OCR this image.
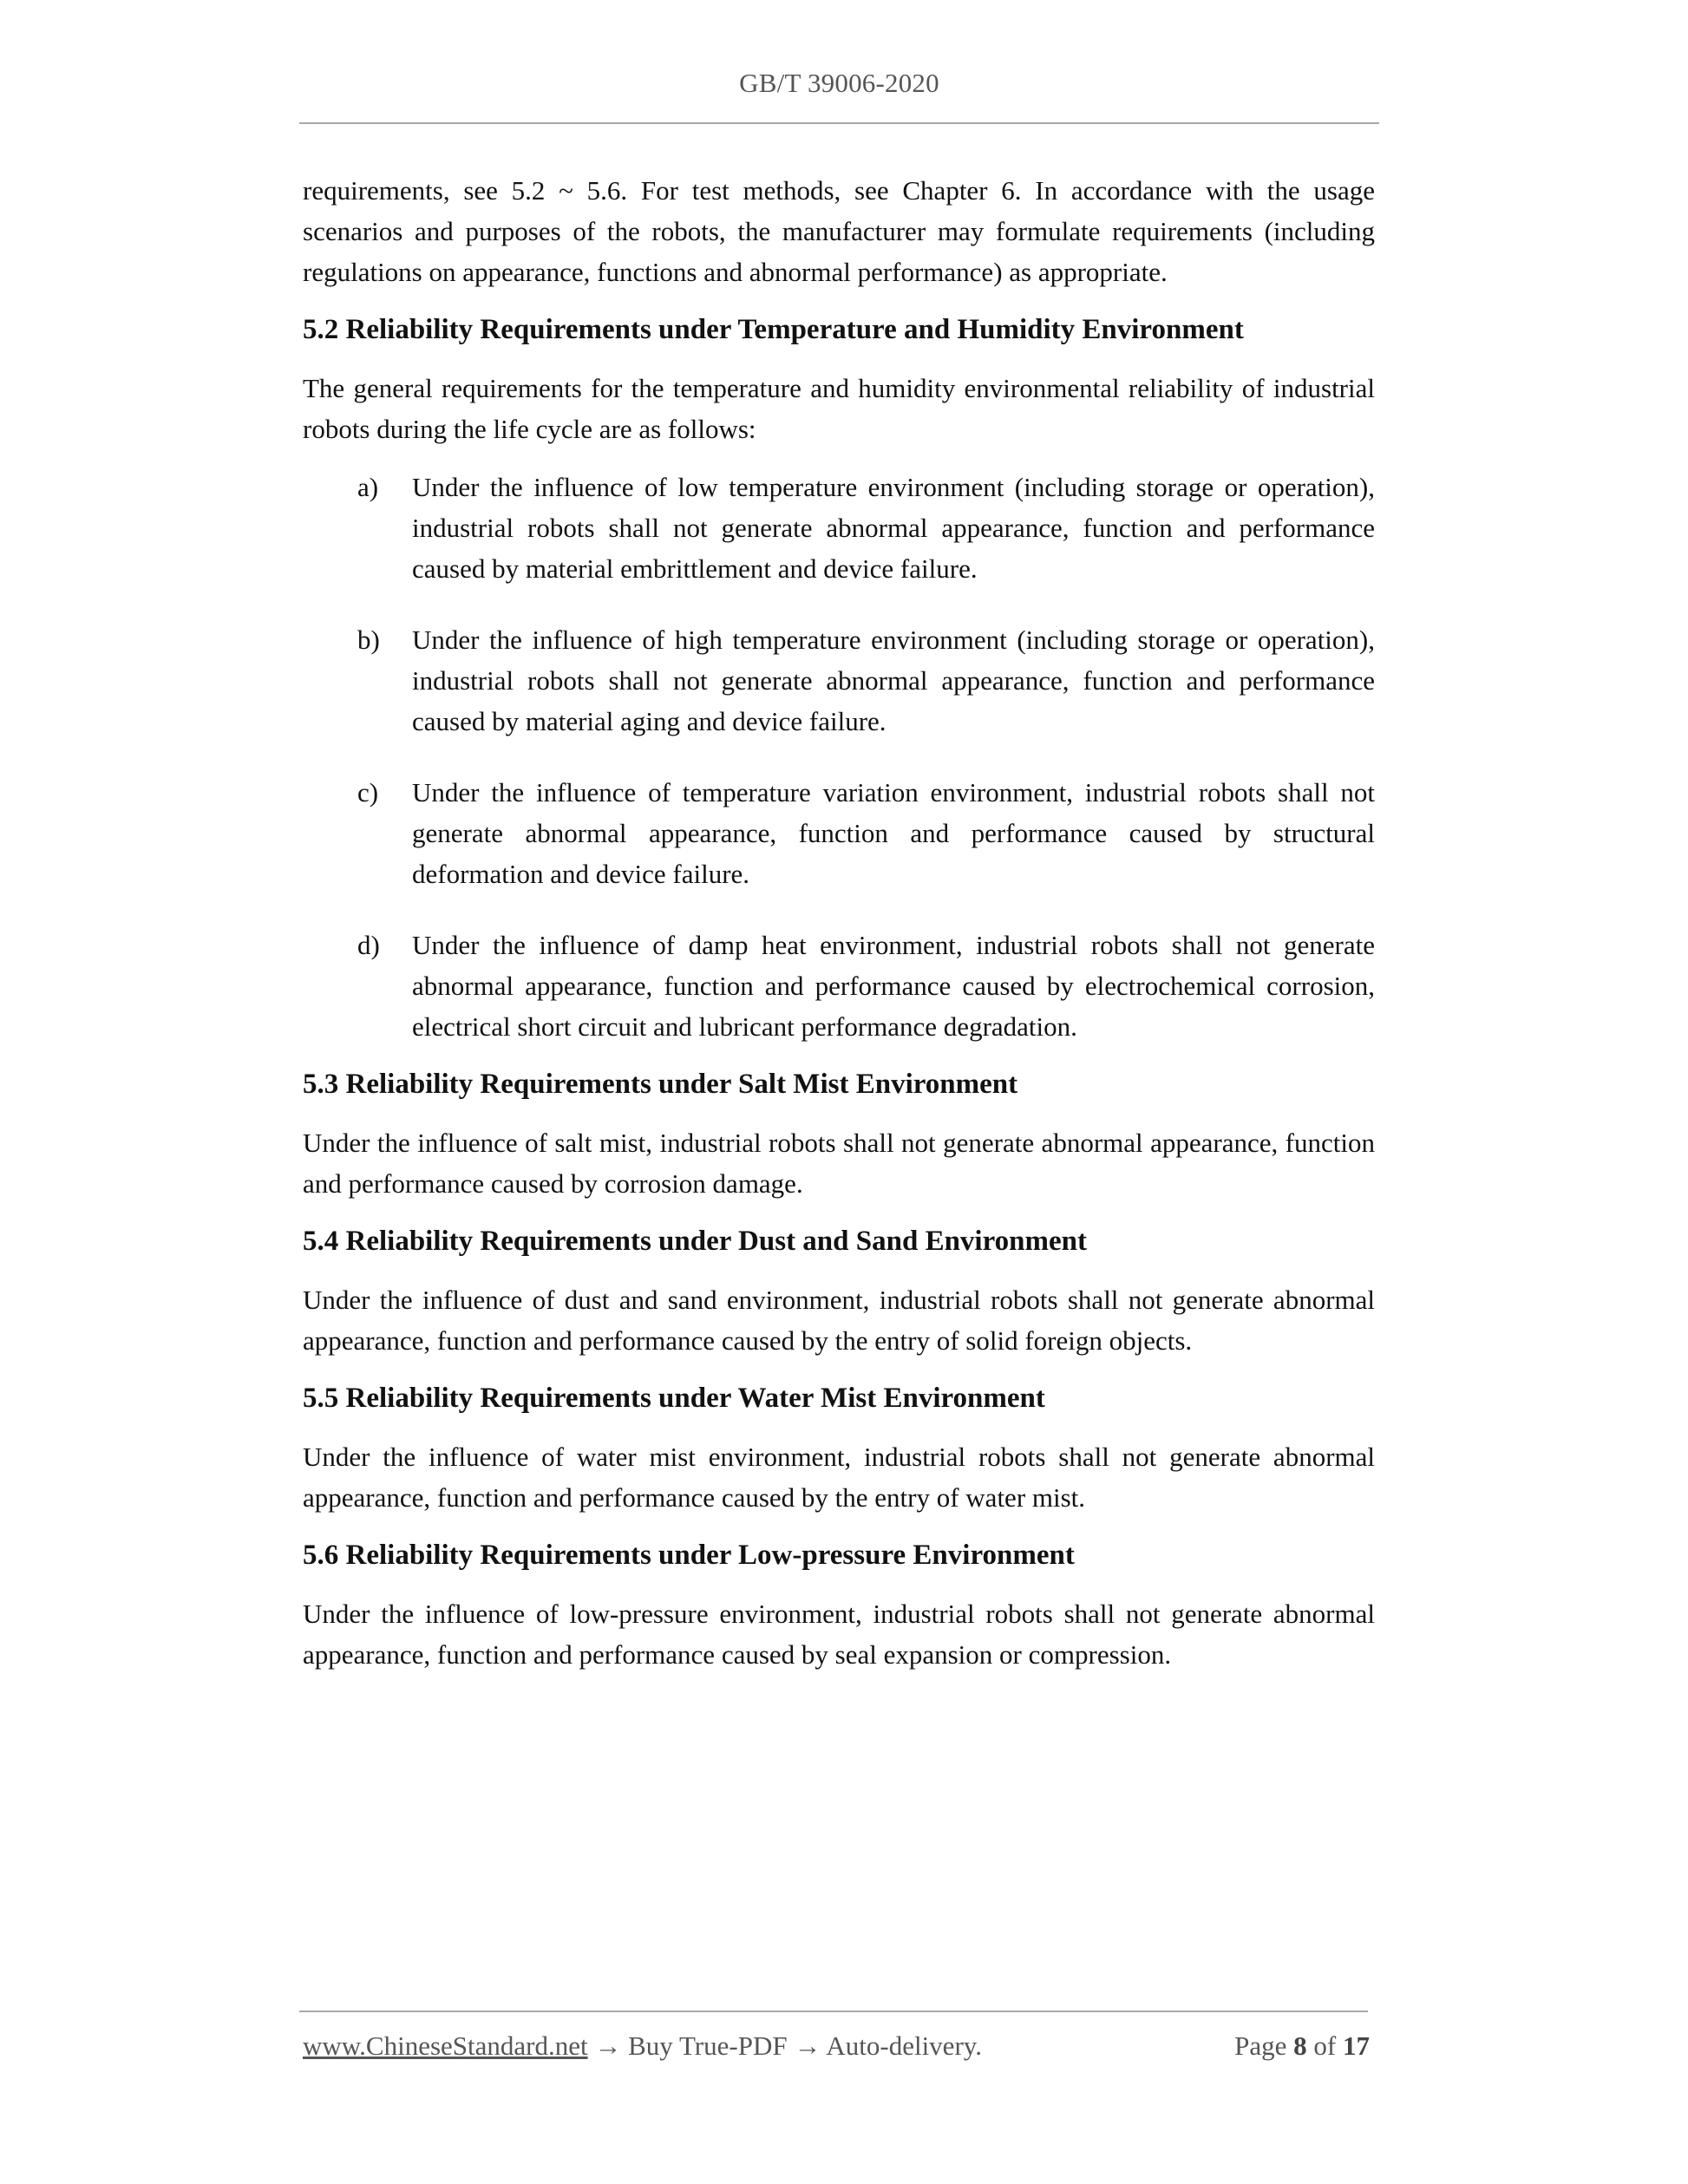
GB/T 39006-2020

requirements, see 5.2 ~ 5.6. For test methods, see Chapter 6. In accordance with the usage scenarios and purposes of the robots, the manufacturer may formulate requirements (including regulations on appearance, functions and abnormal performance) as appropriate.

5.2 Reliability Requirements under Temperature and Humidity Environment

The general requirements for the temperature and humidity environmental reliability of industrial robots during the life cycle are as follows:

a) Under the influence of low temperature environment (including storage or operation), industrial robots shall not generate abnormal appearance, function and performance caused by material embrittlement and device failure.
b) Under the influence of high temperature environment (including storage or operation), industrial robots shall not generate abnormal appearance, function and performance caused by material aging and device failure.
c) Under the influence of temperature variation environment, industrial robots shall not generate abnormal appearance, function and performance caused by structural deformation and device failure.
d) Under the influence of damp heat environment, industrial robots shall not generate abnormal appearance, function and performance caused by electrochemical corrosion, electrical short circuit and lubricant performance degradation.
5.3 Reliability Requirements under Salt Mist Environment

Under the influence of salt mist, industrial robots shall not generate abnormal appearance, function and performance caused by corrosion damage.

5.4 Reliability Requirements under Dust and Sand Environment

Under the influence of dust and sand environment, industrial robots shall not generate abnormal appearance, function and performance caused by the entry of solid foreign objects.

5.5 Reliability Requirements under Water Mist Environment

Under the influence of water mist environment, industrial robots shall not generate abnormal appearance, function and performance caused by the entry of water mist.

5.6 Reliability Requirements under Low-pressure Environment

Under the influence of low-pressure environment, industrial robots shall not generate abnormal appearance, function and performance caused by seal expansion or compression.

www.ChineseStandard.net → Buy True-PDF → Auto-delivery.	Page 8 of 17
